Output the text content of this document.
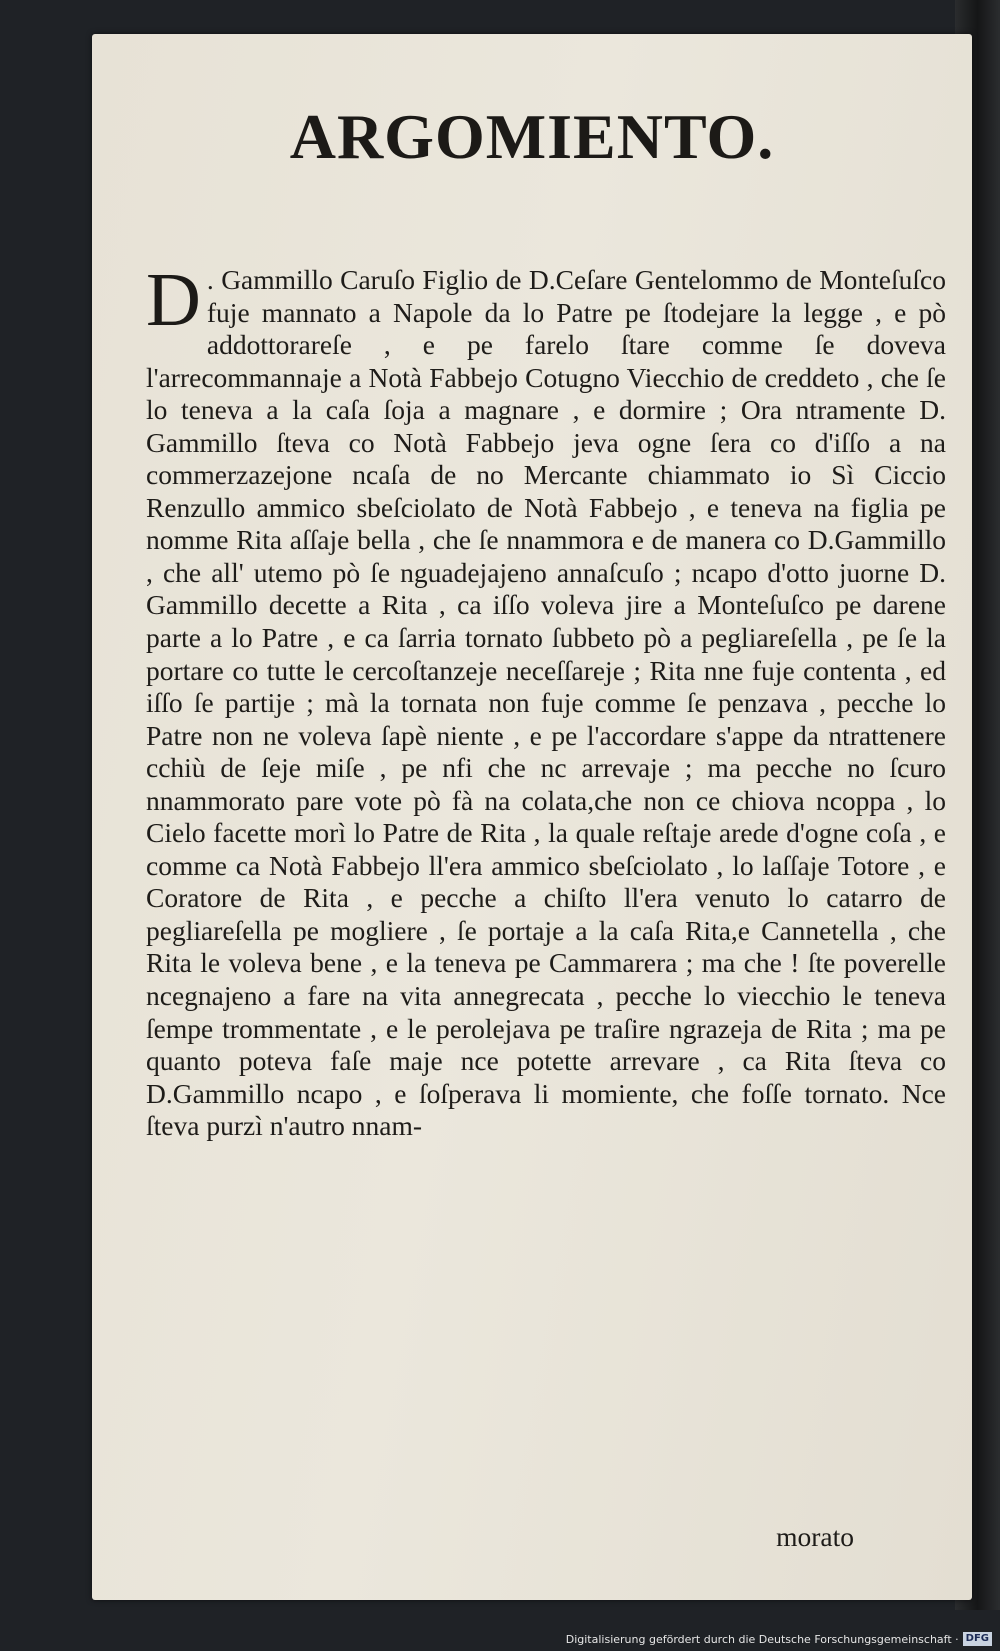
ARGOMIENTO.
D . Gammillo Caruſo Figlio de D.Ceſare Gentelommo de Monteſuſco fuje mannato a Napole da lo Patre pe ſtodejare la legge , e pò addottorareſe , e pe farelo ſtare comme ſe doveva l'arrecommannaje a Notà Fabbejo Cotugno Viecchio de creddeto , che ſe lo teneva a la caſa ſoja a magnare , e dormire ; Ora ntramente D. Gammillo ſteva co Notà Fabbejo jeva ogne ſera co d'iſſo a na commerzazejone ncaſa de no Mercante chiammato io Sì Ciccio Renzullo ammico sbeſciolato de Notà Fabbejo , e teneva na figlia pe nomme Rita aſſaje bella , che ſe nnammora e de manera co D.Gammillo , che all' utemo pò ſe nguadejajeno annaſcuſo ; ncapo d'otto juorne D. Gammillo decette a Rita , ca iſſo voleva jire a Monteſuſco pe darene parte a lo Patre , e ca ſarria tornato ſubbeto pò a pegliareſella , pe ſe la portare co tutte le cercoſtanzeje neceſſareje ; Rita nne fuje contenta , ed iſſo ſe partije ; mà la tornata non fuje comme ſe penzava , pecche lo Patre non ne voleva ſapè niente , e pe l'accordare s'appe da ntrattenere cchiù de ſeje miſe , pe nfi che nc arrevaje ; ma pecche no ſcuro nnammorato pare vote pò fà na colata,che non ce chiova ncoppa , lo Cielo facette morì lo Patre de Rita , la quale reſtaje arede d'ogne coſa , e comme ca Notà Fabbejo ll'era ammico sbeſciolato , lo laſſaje Totore , e Coratore de Rita , e pecche a chiſto ll'era venuto lo catarro de pegliareſella pe mogliere , ſe portaje a la caſa Rita,e Cannetella , che Rita le voleva bene , e la teneva pe Cammarera ; ma che ! ſte poverelle ncegnajeno a fare na vita annegrecata , pecche lo viecchio le teneva ſempe trommentate , e le perolejava pe traſire ngrazeja de Rita ; ma pe quanto poteva faſe maje nce potette arrevare , ca Rita ſteva co D.Gammillo ncapo , e ſoſperava li momiente, che foſſe tornato. Nce ſteva purzì n'autro nnam-
morato
Digitalisierung gefördert durch die Deutsche Forschungsgemeinschaft · DFG
